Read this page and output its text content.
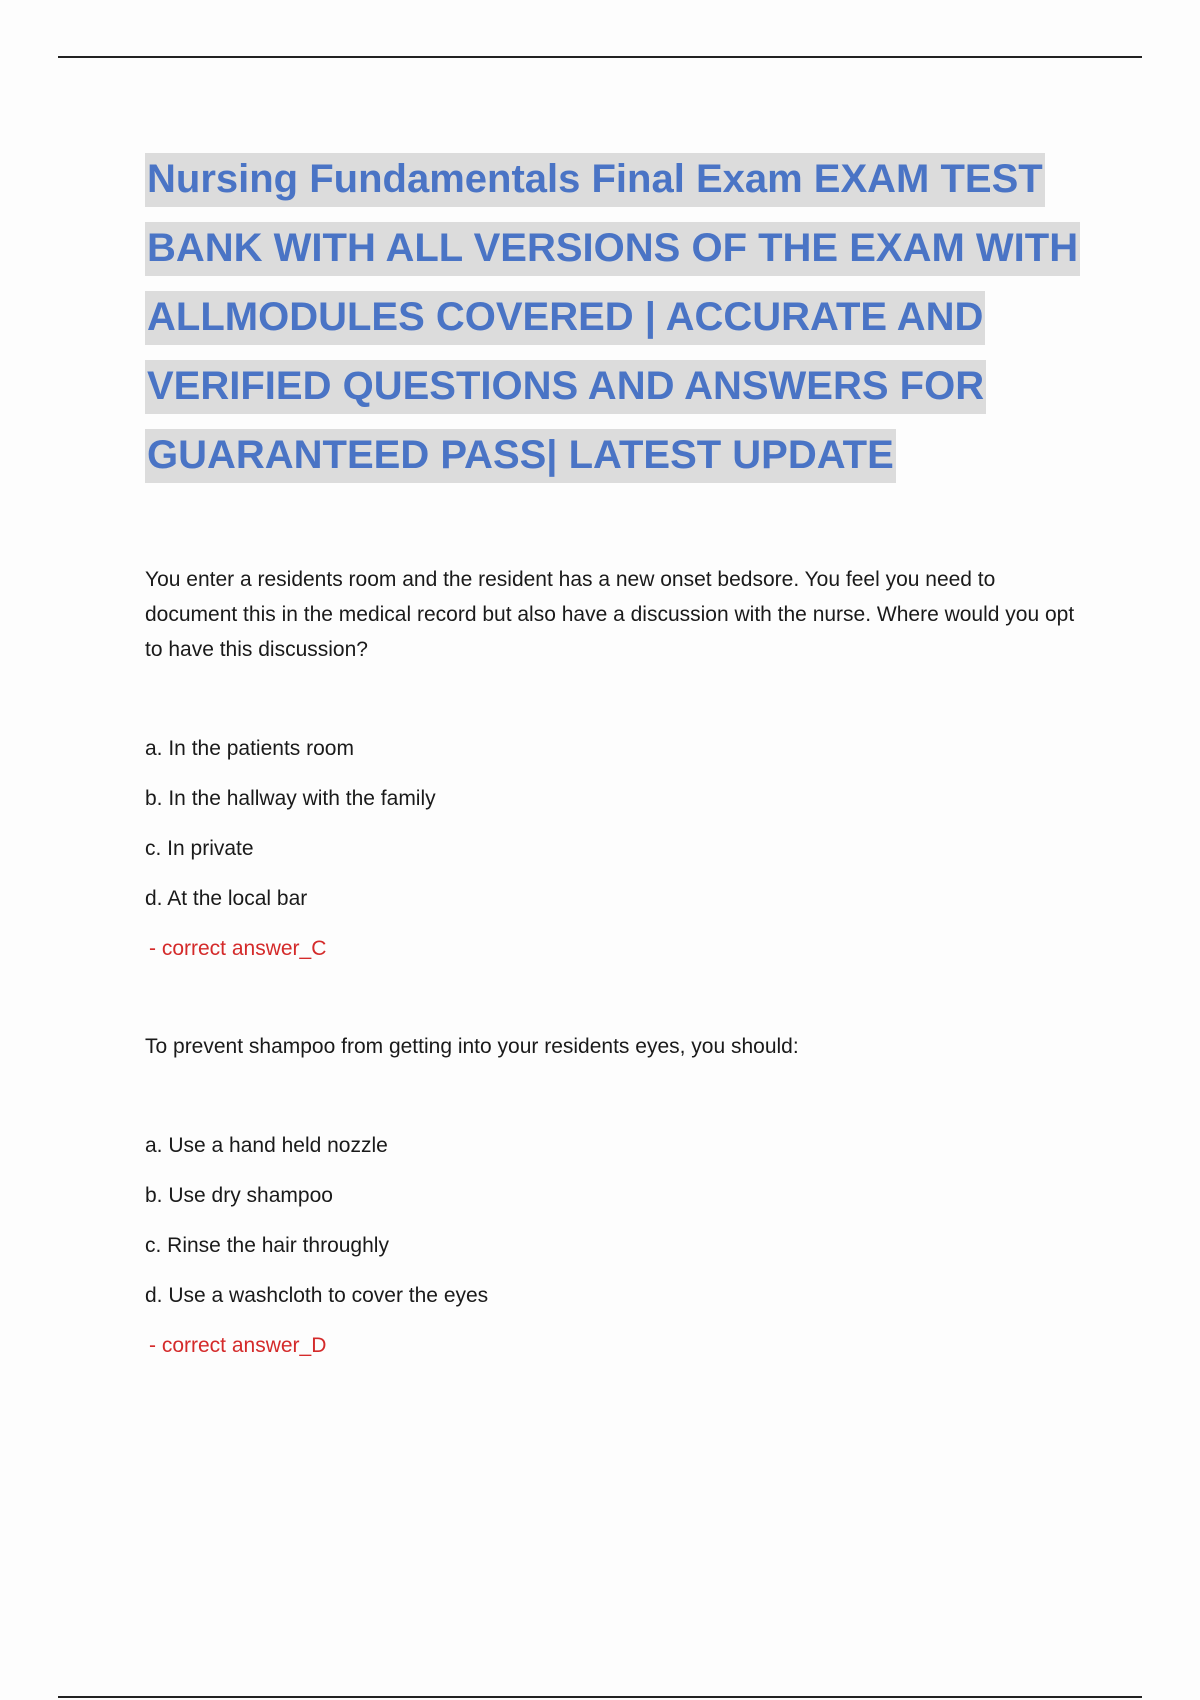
Nursing Fundamentals Final Exam EXAM TEST
BANK WITH ALL VERSIONS OF THE EXAM WITH
ALLMODULES COVERED | ACCURATE AND
VERIFIED QUESTIONS AND ANSWERS FOR
GUARANTEED PASS| LATEST UPDATE

You enter a residents room and the resident has a new onset bedsore. You feel you need to document this in the medical record but also have a discussion with the nurse. Where would you opt to have this discussion?

a. In the patients room
b. In the hallway with the family
c. In private
d. At the local bar

- correct answer_C

To prevent shampoo from getting into your residents eyes, you should:

a. Use a hand held nozzle
b. Use dry shampoo
c. Rinse the hair throughly
d. Use a washcloth to cover the eyes

- correct answer_D
